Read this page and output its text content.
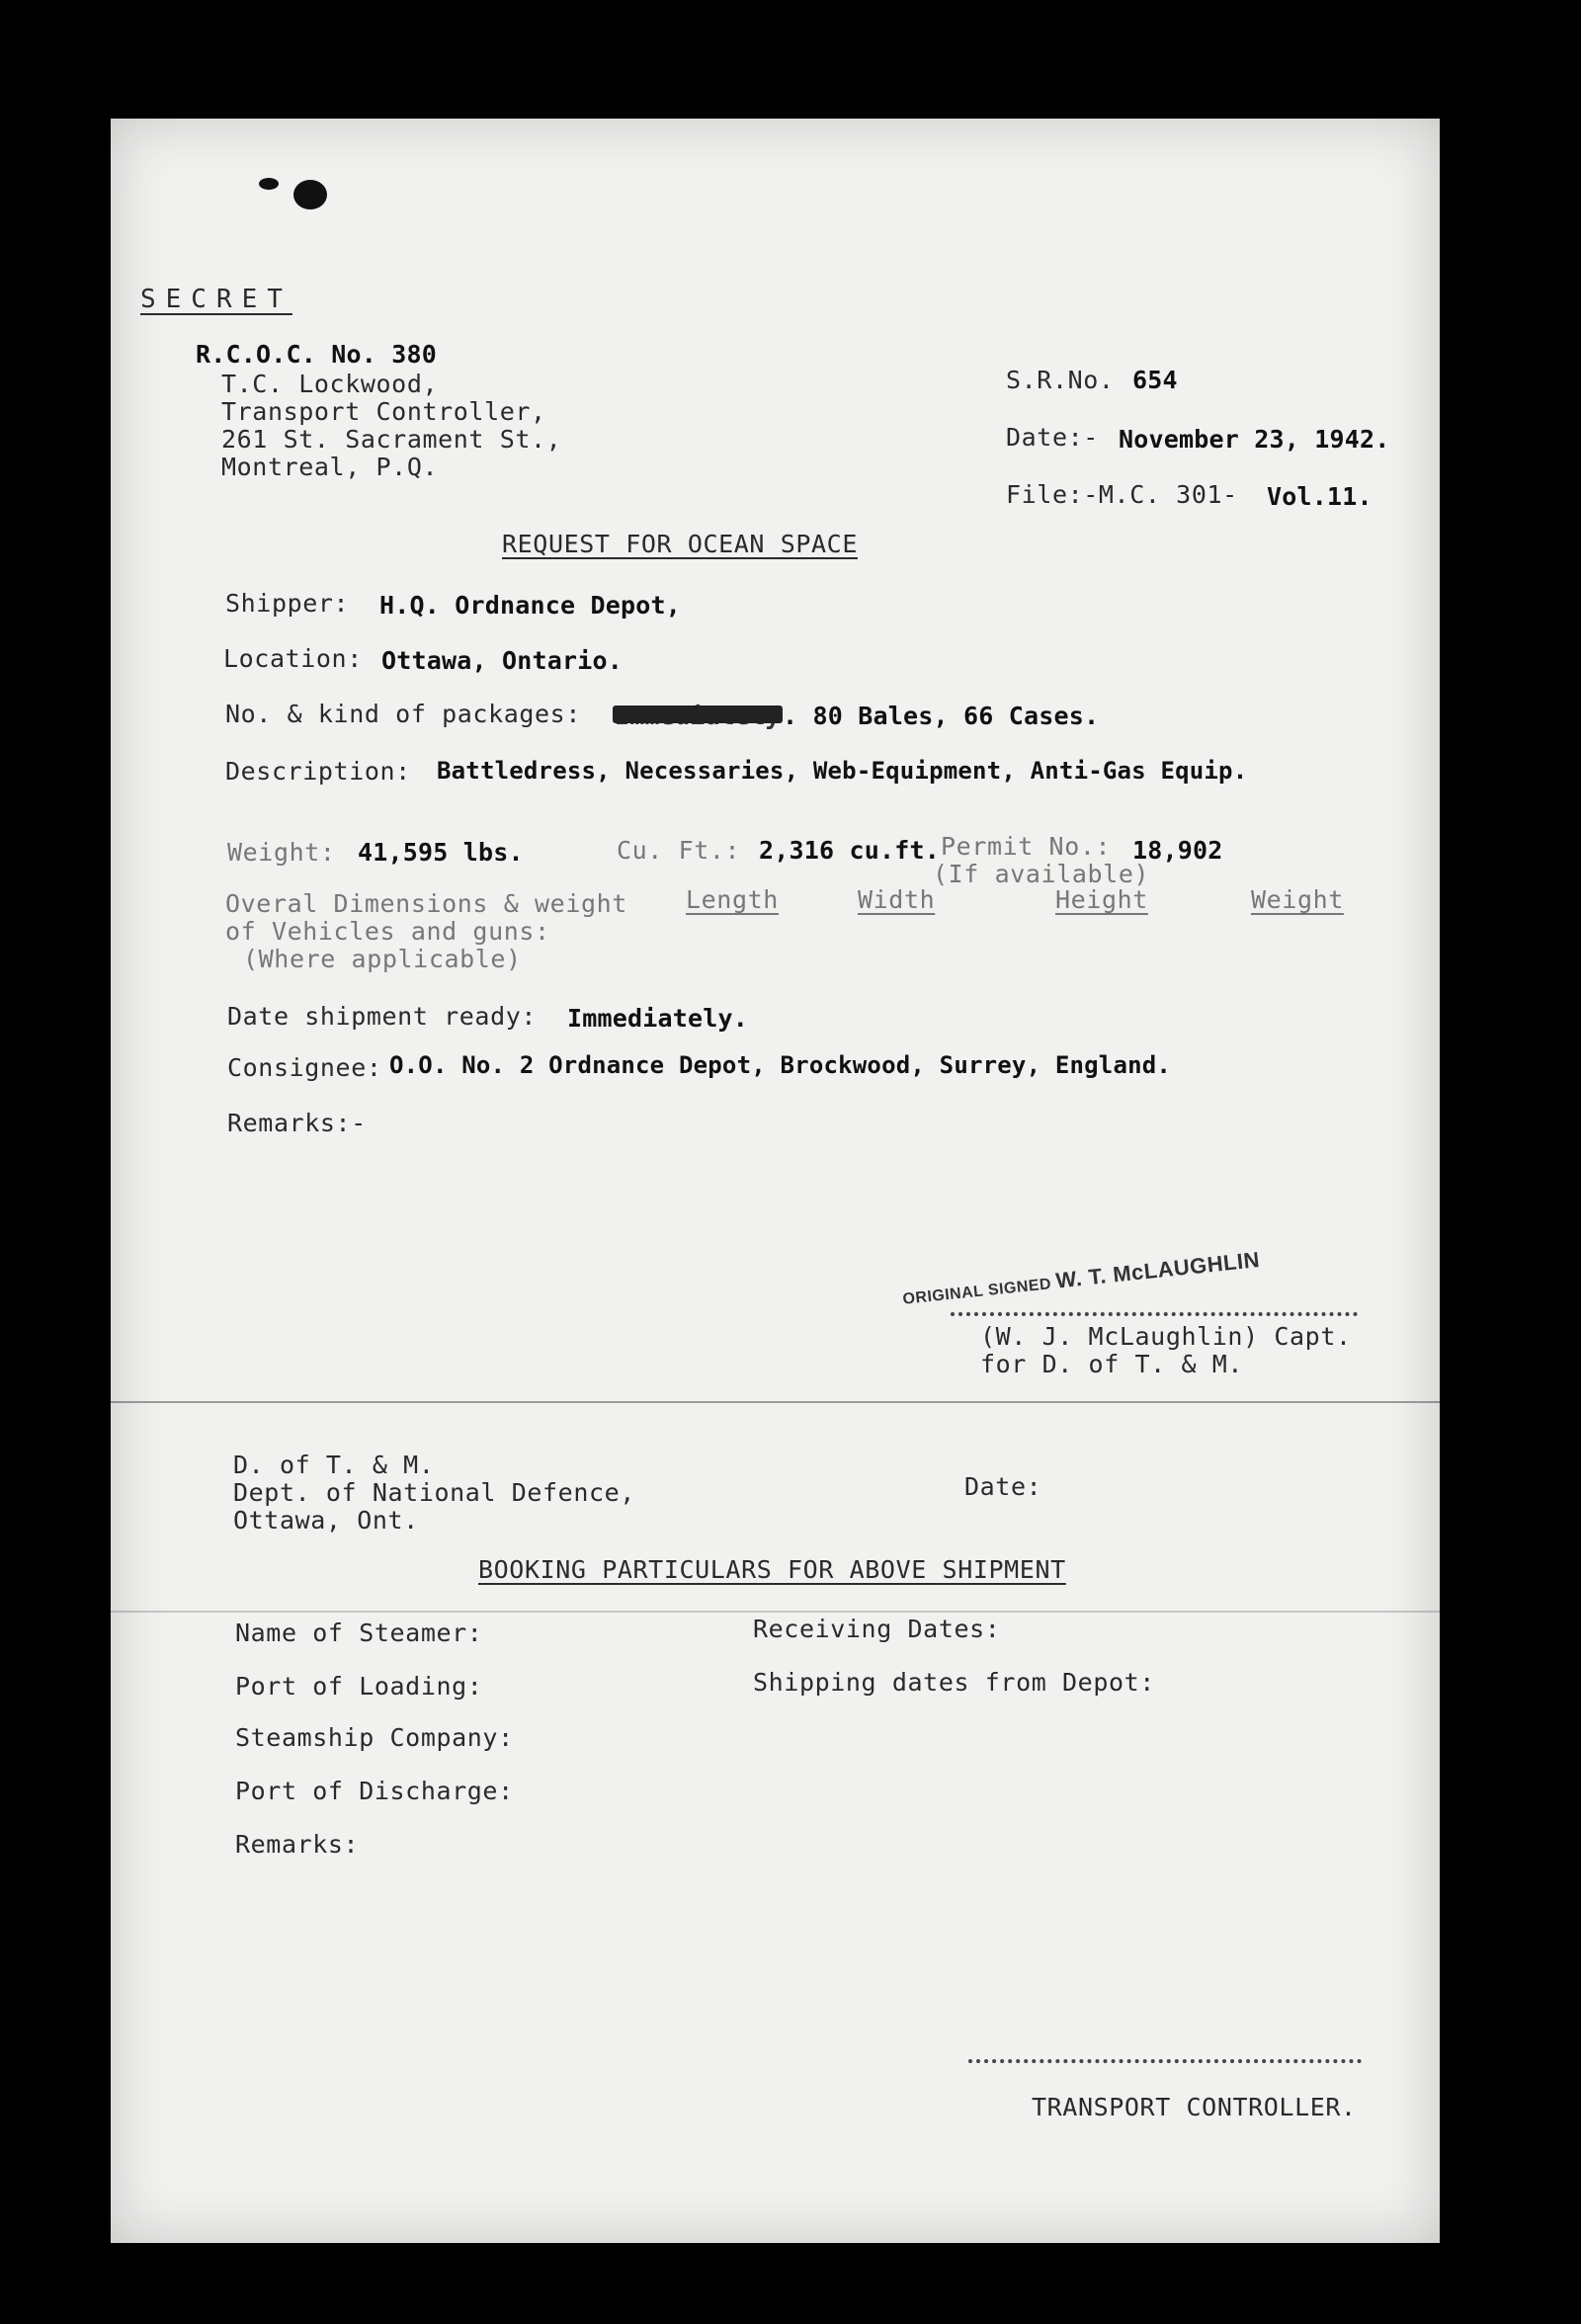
SECRET
R.C.O.C. No. 380
T.C. Lockwood,
Transport Controller,
261 St. Sacrament St.,
Montreal, P.Q.
S.R.No. 654
Date:- November 23, 1942.
File:-M.C. 301- Vol.11.
REQUEST FOR OCEAN SPACE
Shipper: H.Q. Ordnance Depot,
Location: Ottawa, Ontario.
No. & kind of packages:	. 80 Bales, 66 Cases.
Description: Battledress, Necessaries, Web-Equipment, Anti-Gas Equip.
Weight: 41,595 lbs.	Cu. Ft.: 2,316 cu.ft. Permit No.: 18,902
(If available)
Overal Dimensions & weight
of Vehicles and guns:
(Where applicable)
Length	Width	Height	Weight
Date shipment ready: Immediately.
Consignee: O.O. No. 2 Ordnance Depot, Brockwood, Surrey, England.
Remarks:-
ORIGINAL SIGNED W. T. McLAUGHLIN
(W. J. McLaughlin) Capt.
for D. of T. & M.
D. of T. & M.
Dept. of National Defence,
Ottawa, Ont.
Date:
BOOKING PARTICULARS FOR ABOVE SHIPMENT
Name of Steamer:	Receiving Dates:
Port of Loading:	Shipping dates from Depot:
Steamship Company:
Port of Discharge:
Remarks:
TRANSPORT CONTROLLER.
